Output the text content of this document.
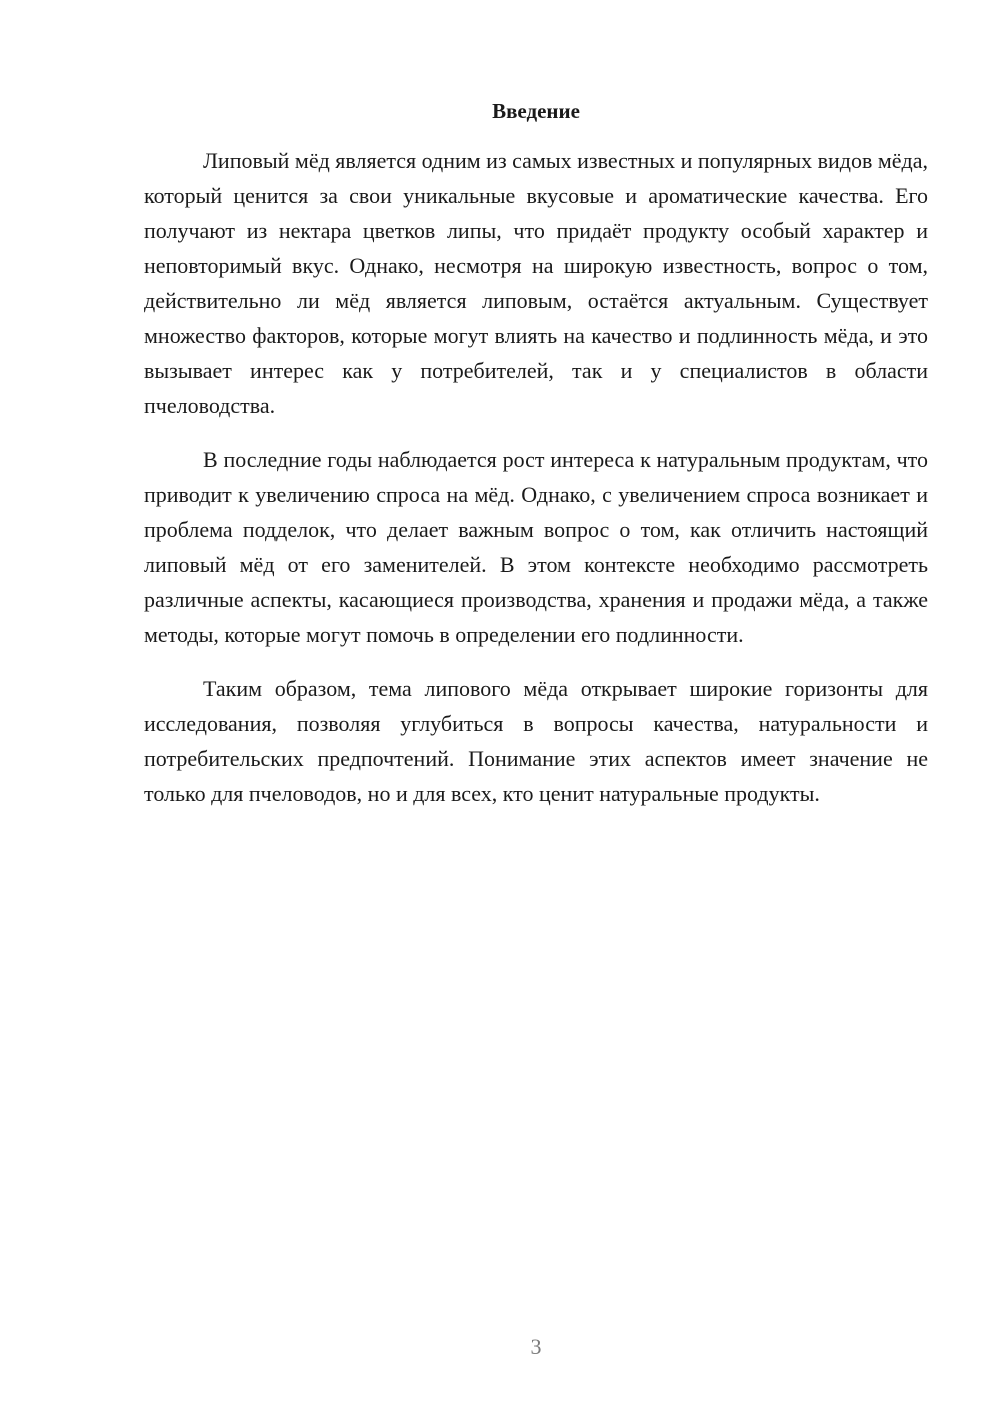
Введение

Липовый мёд является одним из самых известных и популярных видов мёда, который ценится за свои уникальные вкусовые и ароматические качества. Его получают из нектара цветков липы, что придаёт продукту особый характер и неповторимый вкус. Однако, несмотря на широкую известность, вопрос о том, действительно ли мёд является липовым, остаётся актуальным. Существует множество факторов, которые могут влиять на качество и подлинность мёда, и это вызывает интерес как у потребителей, так и у специалистов в области пчеловодства.

В последние годы наблюдается рост интереса к натуральным продуктам, что приводит к увеличению спроса на мёд. Однако, с увеличением спроса возникает и проблема подделок, что делает важным вопрос о том, как отличить настоящий липовый мёд от его заменителей. В этом контексте необходимо рассмотреть различные аспекты, касающиеся производства, хранения и продажи мёда, а также методы, которые могут помочь в определении его подлинности.

Таким образом, тема липового мёда открывает широкие горизонты для исследования, позволяя углубиться в вопросы качества, натуральности и потребительских предпочтений. Понимание этих аспектов имеет значение не только для пчеловодов, но и для всех, кто ценит натуральные продукты.

3
